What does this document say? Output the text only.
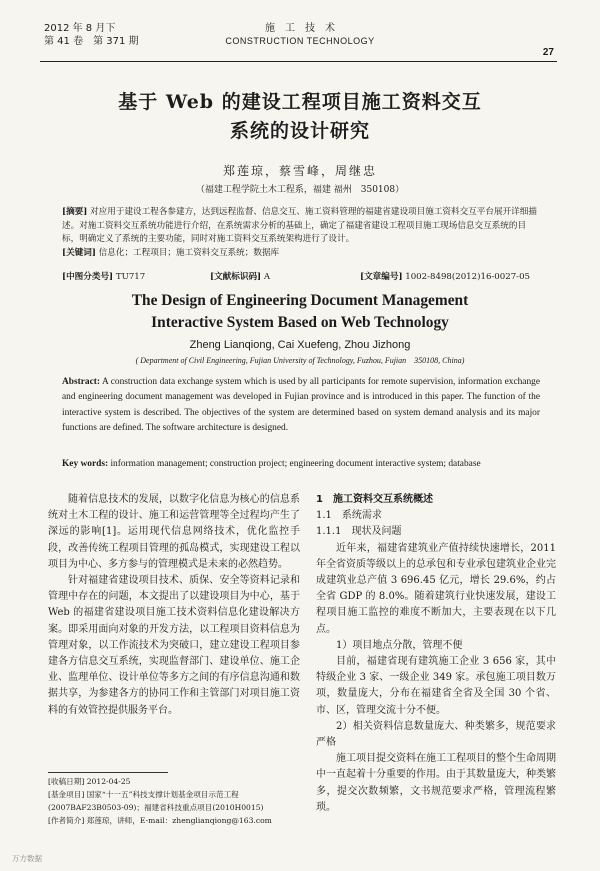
2012 年 8 月下
第 41 卷　第 371 期
施　工　技　术
CONSTRUCTION TECHNOLOGY
27
基于 Web 的建设工程项目施工资料交互
系统的设计研究
郑莲琼，蔡雪峰，周继忠
（福建工程学院土木工程系，福建 福州　350108）

[摘要] 对应用于建设工程各参建方，达到远程监督、信息交互、施工资料管理的福建省建设项目施工资料交互平台展开详细描述。对施工资料交互系统功能进行介绍，在系统需求分析的基础上，确定了福建省建设工程项目施工现场信息交互系统的目标，明确定义了系统的主要功能，同时对施工资料交互系统架构进行了设计。

[关键词] 信息化；工程项目；施工资料交互系统；数据库

[中图分类号] TU717	[文献标识码] A	[文章编号] 1002-8498(2012)16-0027-05
The Design of Engineering Document Management
Interactive System Based on Web Technology
Zheng Lianqiong, Cai Xuefeng, Zhou Jizhong
( Department of Civil Engineering, Fujian University of Technology, Fuzhou, Fujian　350108, China)

Abstract: A construction data exchange system which is used by all participants for remote supervision, information exchange and engineering document management was developed in Fujian province and is introduced in this paper. The function of the interactive system is described. The objectives of the system are determined based on system demand analysis and its major functions are defined. The software architecture is designed.

Key words: information management; construction project; engineering document interactive system; database

随着信息技术的发展，以数字化信息为核心的信息系统对土木工程的设计、施工和运营管理等全过程均产生了深远的影响[1]。运用现代信息网络技术，优化监控手段，改善传统工程项目管理的孤岛模式，实现建设工程以项目为中心、多方参与的管理模式是未来的必然趋势。

针对福建省建设项目技术、质保、安全等资料记录和管理中存在的问题，本文提出了以建设项目为中心，基于 Web 的福建省建设项目施工技术资料信息化建设解决方案。即采用面向对象的开发方法，以工程项目资料信息为管理对象，以工作流技术为突破口，建立建设工程项目参建各方信息交互系统，实现监督部门、建设单位、施工企业、监理单位、设计单位等多方之间的有序信息沟通和数据共享，为参建各方的协同工作和主管部门对项目施工资料的有效管控提供服务平台。

[收稿日期] 2012-04-25

[基金项目] 国家“十一五”科技支撑计划基金项目示范工程(2007BAF23B0503-09)；福建省科技重点项目(2010H0015)

[作者简介] 郑莲琼，讲师，E-mail：zhenglianqiong@163.com

1　施工资料交互系统概述

1.1　系统需求

1.1.1　现状及问题

近年来，福建省建筑业产值持续快速增长，2011 年全省资质等级以上的总承包和专业承包建筑业企业完成建筑业总产值 3 696.45 亿元，增长 29.6%，约占全省 GDP 的 8.0%。随着建筑行业快速发展，建设工程项目施工监控的难度不断加大，主要表现在以下几点。

1）项目地点分散，管理不便

目前，福建省现有建筑施工企业 3 656 家，其中特级企业 3 家、一级企业 349 家。承包施工项目数万项，数量庞大，分布在福建省全省及全国 30 个省、市、区，管理交流十分不便。

2）相关资料信息数量庞大、种类繁多，规范要求严格

施工项目提交资料在施工工程项目的整个生命周期中一直起着十分重要的作用。由于其数量庞大，种类繁多，提交次数频繁，文书规范要求严格，管理流程繁琐。

万方数据
